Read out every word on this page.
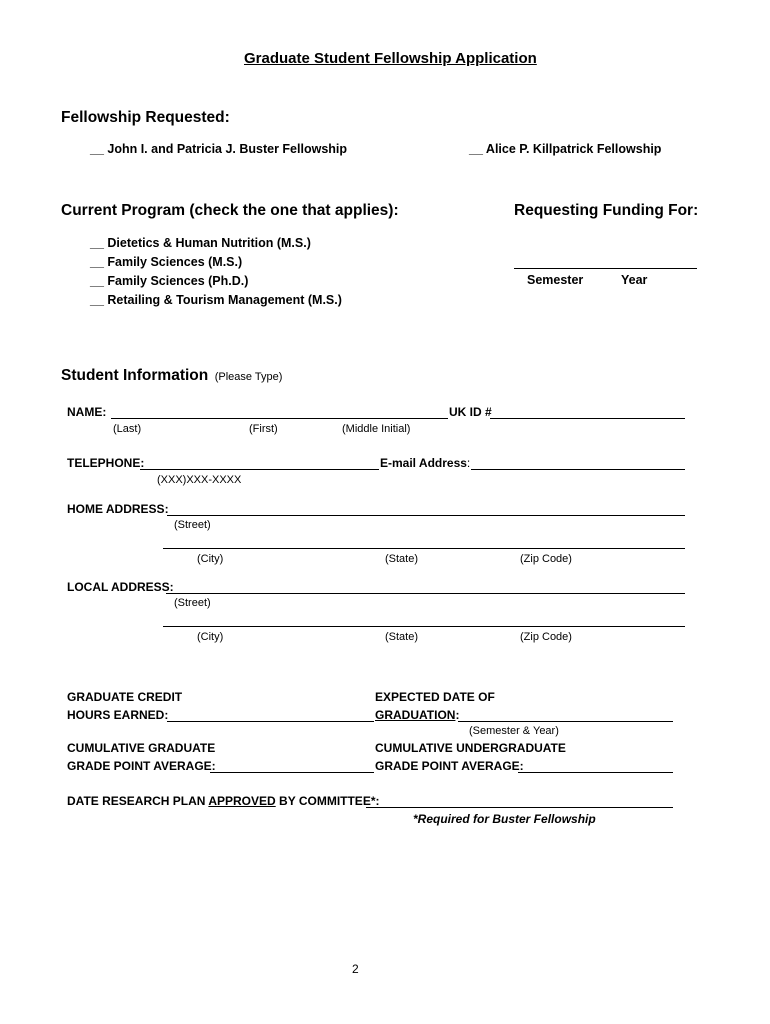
Graduate Student Fellowship Application
Fellowship Requested:
__ John I. and Patricia J. Buster Fellowship	__ Alice P. Killpatrick Fellowship
Current Program (check the one that applies):
__ Dietetics & Human Nutrition (M.S.)
__ Family Sciences (M.S.)
__ Family Sciences (Ph.D.)
__ Retailing & Tourism Management (M.S.)
Requesting Funding For:
Semester	Year
Student Information (Please Type)
NAME:	UK ID #
(Last)	(First)	(Middle Initial)
TELEPHONE:	E-mail Address:
(XXX)XXX-XXXX
HOME ADDRESS:
(Street)
(City)	(State)	(Zip Code)
LOCAL ADDRESS:
(Street)
(City)	(State)	(Zip Code)
GRADUATE CREDIT
HOURS EARNED:
EXPECTED DATE OF
GRADUATION:
(Semester & Year)
CUMULATIVE GRADUATE
GRADE POINT AVERAGE:
CUMULATIVE UNDERGRADUATE
GRADE POINT AVERAGE:
DATE RESEARCH PLAN APPROVED BY COMMITTEE*:
*Required for Buster Fellowship
2
